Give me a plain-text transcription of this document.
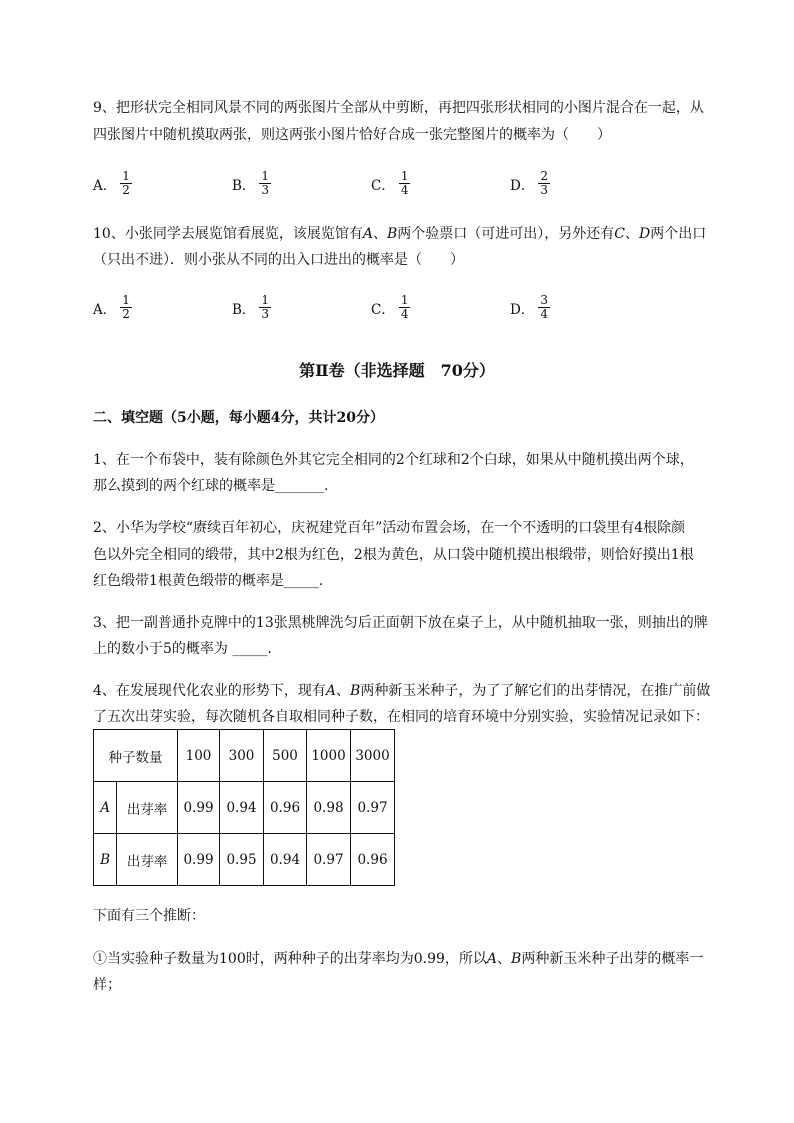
9、把形状完全相同风景不同的两张图片全部从中剪断，再把四张形状相同的小图片混合在一起，从
四张图片中随机摸取两张，则这两张小图片恰好合成一张完整图片的概率为（　　）
A． $\frac{1}{2}$	B． $\frac{1}{3}$	C． $\frac{1}{4}$	D． $\frac{2}{3}$
10、小张同学去展览馆看展览，该展览馆有A、B两个验票口（可进可出），另外还有C、D两个出口
（只出不进）．则小张从不同的出入口进出的概率是（　　）
A． $\frac{1}{2}$	B． $\frac{1}{3}$	C． $\frac{1}{4}$	D． $\frac{3}{4}$
第Ⅱ卷（非选择题　70分）
二、填空题（5小题，每小题4分，共计20分）
1、在一个布袋中，装有除颜色外其它完全相同的2个红球和2个白球，如果从中随机摸出两个球，
那么摸到的两个红球的概率是_______.
2、小华为学校“赓续百年初心，庆祝建党百年”活动布置会场，在一个不透明的口袋里有4根除颜
色以外完全相同的缎带，其中2根为红色，2根为黄色，从口袋中随机摸出根缎带，则恰好摸出1根
红色缎带1根黄色缎带的概率是_____.
3、把一副普通扑克牌中的13张黑桃牌洗匀后正面朝下放在桌子上，从中随机抽取一张，则抽出的牌
上的数小于5的概率为 _____.
4、在发展现代化农业的形势下，现有A、B两种新玉米种子，为了了解它们的出芽情况，在推广前做
了五次出芽实验，每次随机各自取相同种子数，在相同的培育环境中分别实验，实验情况记录如下：
种子数量		100	300	500	1000	3000
A	出芽率	0.99	0.94	0.96	0.98	0.97
B	出芽率	0.99	0.95	0.94	0.97	0.96
下面有三个推断：
①当实验种子数量为100时，两种种子的出芽率均为0.99，所以A、B两种新玉米种子出芽的概率一
样；
